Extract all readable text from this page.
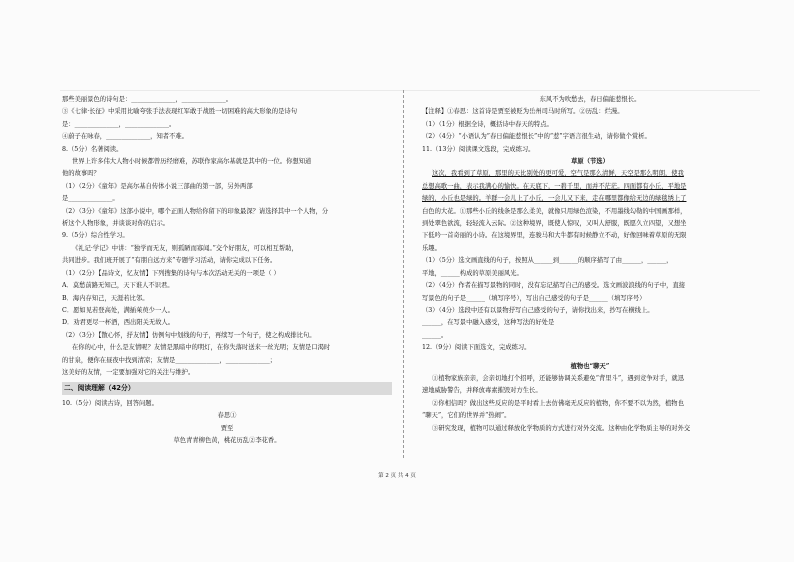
那些美丽景色的诗句是：______________，______________。

③《七律·长征》中采用比喻夸张手法表现红军敢于战胜一切困难的高大形象的是诗句

是：______________，______________。

④蔚子在咏春，______________，知者不难。

8.（5分）名著阅读。

世界上许多伟大人物小时候都曾历经磨难，苏联作家高尔基就是其中的一位。你想知道

他的故事吗？

（1）（2分）《童年》是高尔基自传体小说三部曲的第一部，另外两部

是______________。

（2）（3分）《童年》这部小说中，哪个正面人物给你留下的印象最深？请选择其中一个人物，分

析这个人物形象，并谈谈对你的启示。

9.（5分）综合性学习。

《礼记·学记》中讲：“独学而无友，则孤陋而寡闻。”交个好朋友，可以相互帮助，

共同进步。我们班开展了“有朋自远方来”专题学习活动，请你完成以下任务。

（1）（2分）【品诗文，忆友情】下列搜集的诗句与本次活动无关的一项是（ ）

A．莫愁前路无知己，天下谁人不识君。

B．海内存知己，天涯若比邻。

C．愿如见若登高处，满插茱萸少一人。

D．劝君更尽一杯酒，西出阳关无故人。

（2）（3分）【散心怀，抒友情】仿例句中划线的句子，再续写一个句子，使之构成排比句。

在你的心中，什么是友情呢？友情是黑暗中的明灯，在你失落时送来一丝光明；友情是口渴时

的甘泉，便你在昼夜中找到清凉；友情是______________，______________；

这美好的友情，一定要加强对它的关注与维护。

二、阅读理解（42分）

10.（5分）阅读古诗，回答问题。

春思①

贾至

草色青青柳色黄，桃花历乱②李花香。

东风不为吹愁去，春日偏能惹恨长。

【注释】①春思：这首诗是贾至被贬为岳州司马时所写。②历乱：烂漫。

（1）（1分）根据全诗，概括诗中春天的特点。

（2）（4分）“小语认为”春日偏能惹恨长”中的“惹”字语言很生动，请你做个赏析。

11.（13分）阅读课文选段，完成练习。

草原（节选）

这次，我看到了草原，那里的天比别处的更可爱，空气是那么清鲜，天空是那么明朗，使我

总想高歌一曲，表示我满心的愉快。在天底下，一碧千里，而并不茫茫。四面都有小丘，平地是

绿的，小丘也是绿的。羊群一会儿上了小丘，一会儿又下来，走在哪里都像给无边的绿毯绣上了

白色的大花。①那些小丘的线条是那么柔美，就像只用绿色渲染，不用墨线勾勒的中国画那样，

到处翠色欲流，轻轻流入云际。②这种境界，既使人惊叹，又叫人舒服，既愿久立四望，又想坐

下低吟一首奇丽的小诗。在这境界里，连骏马和大牛都有时候静立不动，好像回味着草原的无限

乐趣。

（1）（5分）选文画直线的句子，按照从______到______的顺序描写了由______，______，

平地，______构成的草原美丽风光。

（2）（4分）作者在描写景物的同时，没有忘记描写自己的感受。选文画波浪线的句子中，直接

写景色的句子是______（填写序号），写出自己感受的句子是______（填写序号）

（3）（4分）选段中还有以景物抒写自己感受的句子，请你找出来，抄写在横线上。

______，在写景中融入感受，这种写法的好处是

______。

12.（9分）阅读下面选文，完成练习。

植物也“聊天”

①植物家族亲亲，会亲切地打个招呼，还能够协调关系避免“背里斗”，遇到竞争对手，就迅

速地威胁警告，并释放毒素摧毁对方生长。

②你相信吗？做出这些反应的是平时看上去仿佛毫无反应的植物，你不要不以为然，植物也

“聊天”，它们的世界并“热闹”。

③研究发现，植物可以通过释放化学物质的方式进行对外交流。这种由化学物质主导的对外交

第 2 页 共 4 页
